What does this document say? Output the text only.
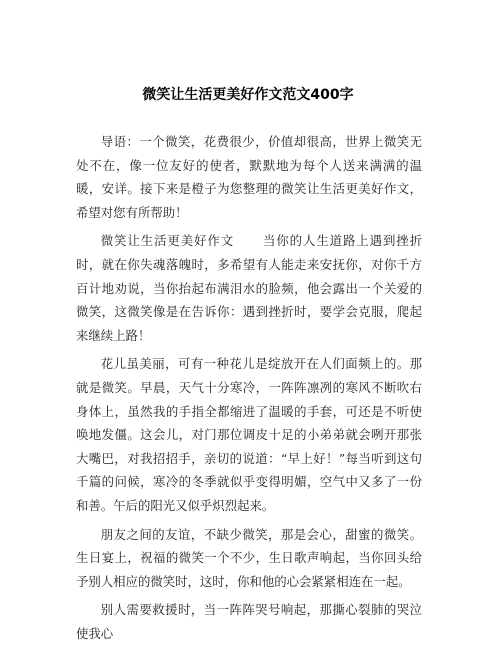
微笑让生活更美好作文范文400字

导语：一个微笑，花费很少，价值却很高，世界上微笑无处不在，像一位友好的使者，默默地为每个人送来满满的温暖，安详。接下来是橙子为您整理的微笑让生活更美好作文，希望对您有所帮助！

微笑让生活更美好作文 当你的人生道路上遇到挫折时，就在你失魂落魄时，多希望有人能走来安抚你，对你千方百计地劝说，当你抬起布满泪水的脸频，他会露出一个关爱的微笑，这微笑像是在告诉你：遇到挫折时，要学会克服，爬起来继续上路！

花儿虽美丽，可有一种花儿是绽放开在人们面频上的。那就是微笑。早晨，天气十分寒冷，一阵阵凛冽的寒风不断吹右身体上，虽然我的手指全都缩进了温暖的手套，可还是不听使唤地发僵。这会儿，对门那位调皮十足的小弟弟就会咧开那张大嘴巴，对我招招手，亲切的说道：“早上好！”每当听到这句千篇的问候，寒冷的冬季就似乎变得明媚，空气中又多了一份和善。午后的阳光又似乎炽烈起来。

朋友之间的友谊，不缺少微笑，那是会心，甜蜜的微笑。生日宴上，祝福的微笑一个不少，生日歌声响起，当你回头给予别人相应的微笑时，这时，你和他的心会紧紧相连在一起。

别人需要救援时，当一阵阵哭号响起，那撕心裂肺的哭泣使我心
